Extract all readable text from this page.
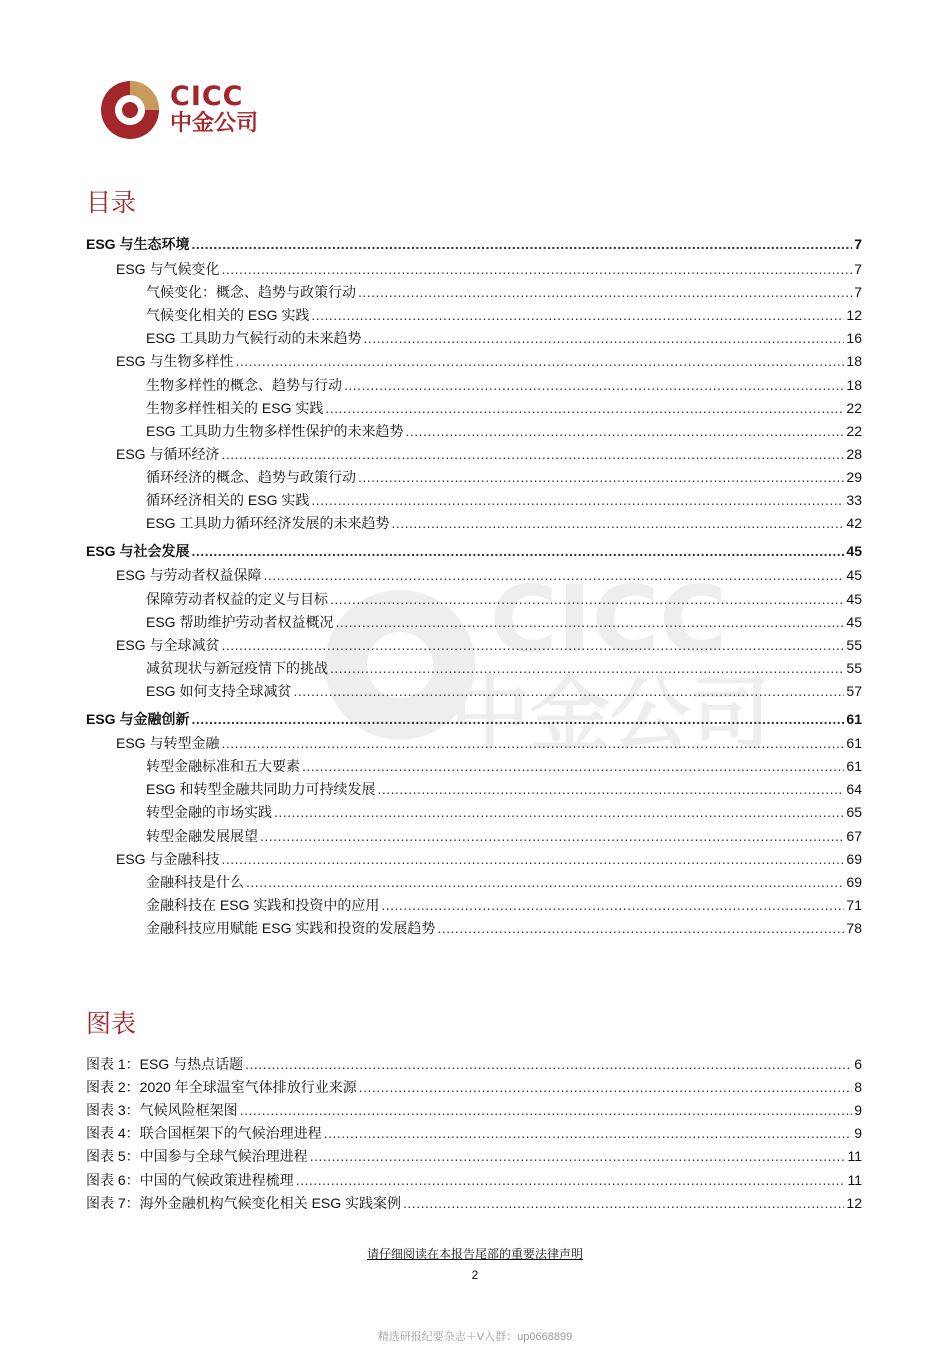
CICC
中金公司
CICC
中金公司
目录
ESG 与生态环境 .....	7
ESG 与气候变化 .....	7
气候变化：概念、趋势与政策行动 .....	7
气候变化相关的 ESG 实践 .....	12
ESG 工具助力气候行动的未来趋势 .....	16
ESG 与生物多样性 .....	18
生物多样性的概念、趋势与行动 .....	18
生物多样性相关的 ESG 实践 .....	22
ESG 工具助力生物多样性保护的未来趋势 .....	22
ESG 与循环经济 .....	28
循环经济的概念、趋势与政策行动 .....	29
循环经济相关的 ESG 实践 .....	33
ESG 工具助力循环经济发展的未来趋势 .....	42
ESG 与社会发展 .....	45
ESG 与劳动者权益保障 .....	45
保障劳动者权益的定义与目标 .....	45
ESG 帮助维护劳动者权益概况 .....	45
ESG 与全球减贫 .....	55
减贫现状与新冠疫情下的挑战 .....	55
ESG 如何支持全球减贫 .....	57
ESG 与金融创新 .....	61
ESG 与转型金融 .....	61
转型金融标准和五大要素 .....	61
ESG 和转型金融共同助力可持续发展 .....	64
转型金融的市场实践 .....	65
转型金融发展展望 .....	67
ESG 与金融科技 .....	69
金融科技是什么 .....	69
金融科技在 ESG 实践和投资中的应用 .....	71
金融科技应用赋能 ESG 实践和投资的发展趋势 .....	78
图表
图表 1：ESG 与热点话题 .....	6
图表 2：2020 年全球温室气体排放行业来源 .....	8
图表 3：气候风险框架图 .....	9
图表 4：联合国框架下的气候治理进程 .....	9
图表 5：中国参与全球气候治理进程 .....	11
图表 6：中国的气候政策进程梳理 .....	11
图表 7：海外金融机构气候变化相关 ESG 实践案例 .....	12
请仔细阅读在本报告尾部的重要法律声明
2
精选研报纪要杂志＋V入群：up0668899
